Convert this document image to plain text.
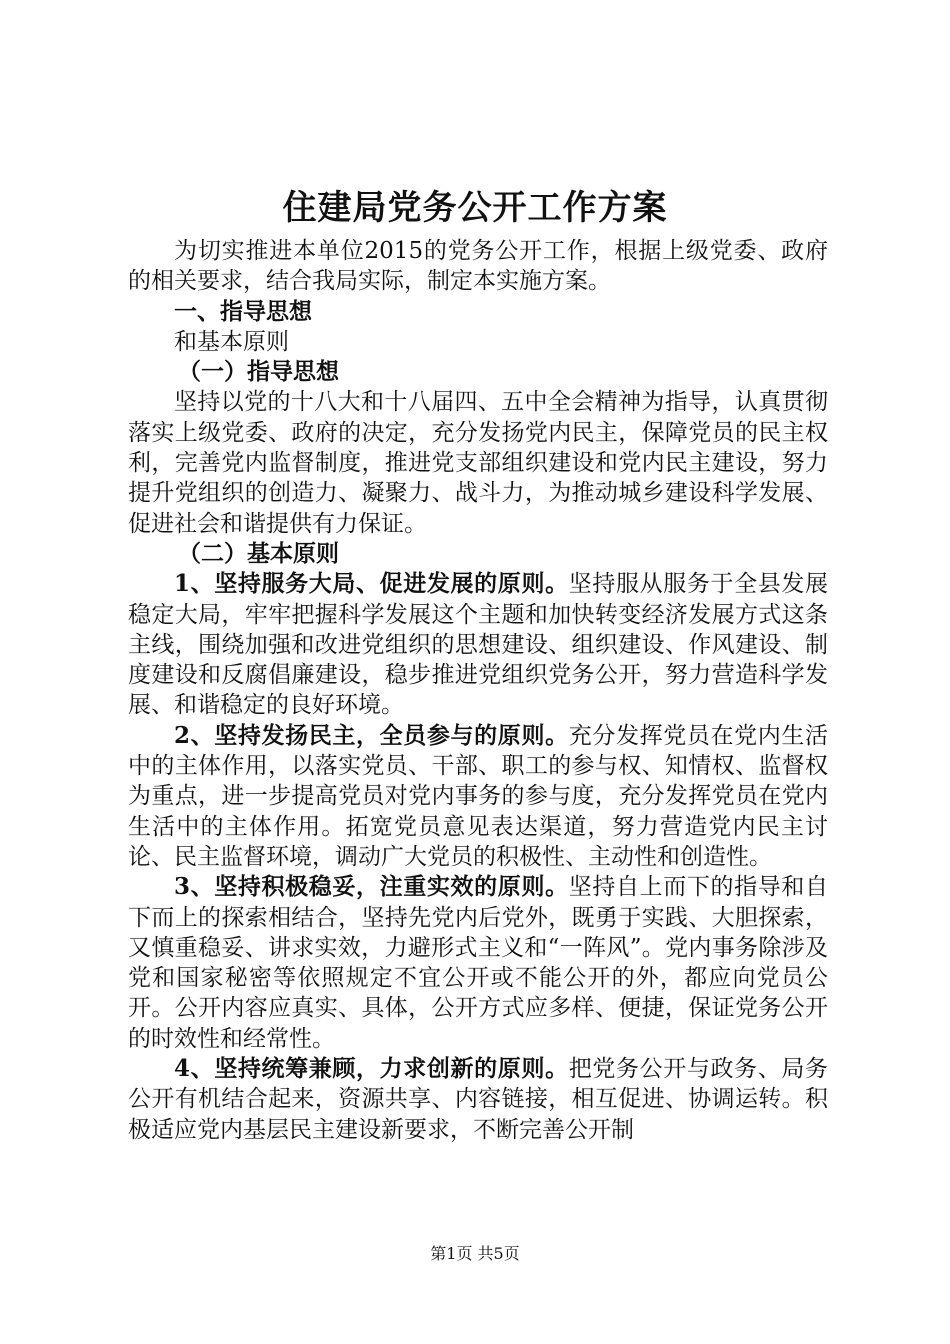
住建局党务公开工作方案

为切实推进本单位2015的党务公开工作，根据上级党委、政府的相关要求，结合我局实际，制定本实施方案。

一、指导思想

和基本原则

（一）指导思想

坚持以党的十八大和十八届四、五中全会精神为指导，认真贯彻落实上级党委、政府的决定，充分发扬党内民主，保障党员的民主权利，完善党内监督制度，推进党支部组织建设和党内民主建设，努力提升党组织的创造力、凝聚力、战斗力，为推动城乡建设科学发展、促进社会和谐提供有力保证。

（二）基本原则

1、坚持服务大局、促进发展的原则。坚持服从服务于全县发展稳定大局，牢牢把握科学发展这个主题和加快转变经济发展方式这条主线，围绕加强和改进党组织的思想建设、组织建设、作风建设、制度建设和反腐倡廉建设，稳步推进党组织党务公开，努力营造科学发展、和谐稳定的良好环境。

2、坚持发扬民主，全员参与的原则。充分发挥党员在党内生活中的主体作用，以落实党员、干部、职工的参与权、知情权、监督权为重点，进一步提高党员对党内事务的参与度，充分发挥党员在党内生活中的主体作用。拓宽党员意见表达渠道，努力营造党内民主讨论、民主监督环境，调动广大党员的积极性、主动性和创造性。

3、坚持积极稳妥，注重实效的原则。坚持自上而下的指导和自下而上的探索相结合，坚持先党内后党外，既勇于实践、大胆探索，又慎重稳妥、讲求实效，力避形式主义和“一阵风”。党内事务除涉及党和国家秘密等依照规定不宜公开或不能公开的外，都应向党员公开。公开内容应真实、具体，公开方式应多样、便捷，保证党务公开的时效性和经常性。

4、坚持统筹兼顾，力求创新的原则。把党务公开与政务、局务公开有机结合起来，资源共享、内容链接，相互促进、协调运转。积极适应党内基层民主建设新要求，不断完善公开制

第1页 共5页
